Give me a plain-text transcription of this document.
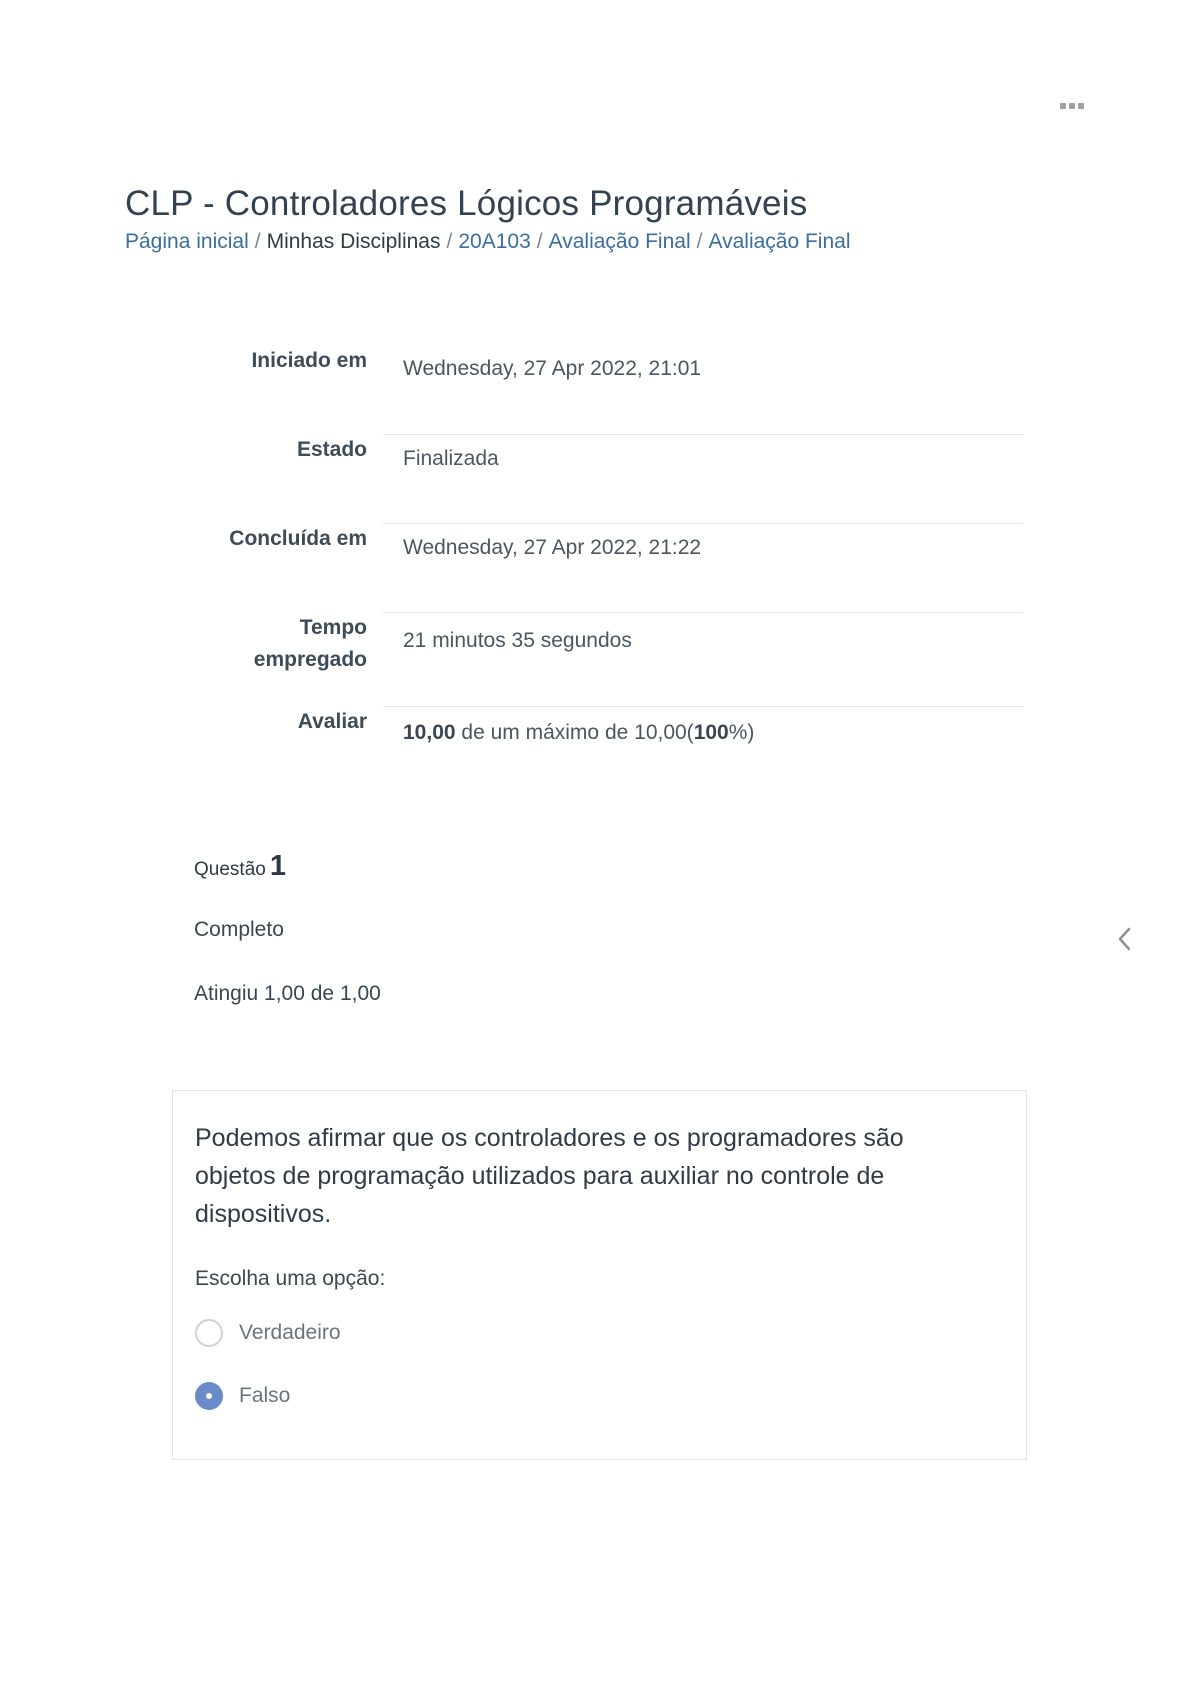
CLP - Controladores Lógicos Programáveis
Página inicial / Minhas Disciplinas / 20A103 / Avaliação Final / Avaliação Final
Iniciado em	Wednesday, 27 Apr 2022, 21:01
Estado	Finalizada
Concluída em	Wednesday, 27 Apr 2022, 21:22
Tempo
empregado	21 minutos 35 segundos
Avaliar	10,00 de um máximo de 10,00(100%)
Questão 1
Completo
Atingiu 1,00 de 1,00

Podemos afirmar que os controladores e os programadores são objetos de programação utilizados para auxiliar no controle de dispositivos.

Escolha uma opção:
Verdadeiro
Falso
